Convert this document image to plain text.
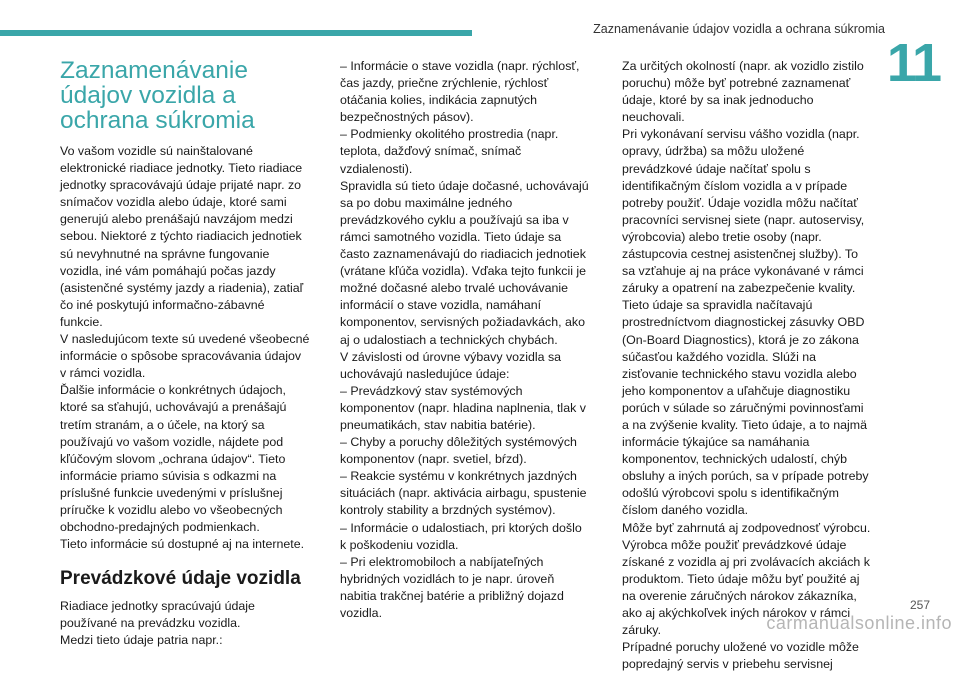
Zaznamenávanie údajov vozidla a ochrana súkromia
11
Zaznamenávanie údajov vozidla a ochrana súkromia

Vo vašom vozidle sú nainštalované elektronické riadiace jednotky. Tieto riadiace jednotky spracovávajú údaje prijaté napr. zo snímačov vozidla alebo údaje, ktoré sami generujú alebo prenášajú navzájom medzi sebou. Niektoré z týchto riadiacich jednotiek sú nevyhnutné na správne fungovanie vozidla, iné vám pomáhajú počas jazdy (asistenčné systémy jazdy a riadenia), zatiaľ čo iné poskytujú informačno-zábavné funkcie.

V nasledujúcom texte sú uvedené všeobecné informácie o spôsobe spracovávania údajov v rámci vozidla.

Ďalšie informácie o konkrétnych údajoch, ktoré sa sťahujú, uchovávajú a prenášajú tretím stranám, a o účele, na ktorý sa používajú vo vašom vozidle, nájdete pod kľúčovým slovom „ochrana údajov“. Tieto informácie priamo súvisia s odkazmi na príslušné funkcie uvedenými v príslušnej príručke k vozidlu alebo vo všeobecných obchodno-predajných podmienkach.

Tieto informácie sú dostupné aj na internete.

Prevádzkové údaje vozidla

Riadiace jednotky spracúvajú údaje používané na prevádzku vozidla.

Medzi tieto údaje patria napr.:

– Informácie o stave vozidla (napr. rýchlosť, čas jazdy, priečne zrýchlenie, rýchlosť otáčania kolies, indikácia zapnutých bezpečnostných pásov).

– Podmienky okolitého prostredia (napr. teplota, dažďový snímač, snímač vzdialenosti).

Spravidla sú tieto údaje dočasné, uchovávajú sa po dobu maximálne jedného prevádzkového cyklu a používajú sa iba v rámci samotného vozidla. Tieto údaje sa často zaznamenávajú do riadiacich jednotiek (vrátane kľúča vozidla). Vďaka tejto funkcii je možné dočasné alebo trvalé uchovávanie informácií o stave vozidla, namáhaní komponentov, servisných požiadavkách, ako aj o udalostiach a technických chybách.

V závislosti od úrovne výbavy vozidla sa uchovávajú nasledujúce údaje:

– Prevádzkový stav systémových komponentov (napr. hladina naplnenia, tlak v pneumatikách, stav nabitia batérie).

– Chyby a poruchy dôležitých systémových komponentov (napr. svetiel, bŕzd).

– Reakcie systému v konkrétnych jazdných situáciách (napr. aktivácia airbagu, spustenie kontroly stability a brzdných systémov).

– Informácie o udalostiach, pri ktorých došlo k poškodeniu vozidla.

– Pri elektromobiloch a nabíjateľných hybridných vozidlách to je napr. úroveň nabitia trakčnej batérie a približný dojazd vozidla.

Za určitých okolností (napr. ak vozidlo zistilo poruchu) môže byť potrebné zaznamenať údaje, ktoré by sa inak jednoducho neuchovali.

Pri vykonávaní servisu vášho vozidla (napr. opravy, údržba) sa môžu uložené prevádzkové údaje načítať spolu s identifikačným číslom vozidla a v prípade potreby použiť. Údaje vozidla môžu načítať pracovníci servisnej siete (napr. autoservisy, výrobcovia) alebo tretie osoby (napr. zástupcovia cestnej asistenčnej služby). To sa vzťahuje aj na práce vykonávané v rámci záruky a opatrení na zabezpečenie kvality.

Tieto údaje sa spravidla načítavajú prostredníctvom diagnostickej zásuvky OBD (On-Board Diagnostics), ktorá je zo zákona súčasťou každého vozidla. Slúži na zisťovanie technického stavu vozidla alebo jeho komponentov a uľahčuje diagnostiku porúch v súlade so záručnými povinnosťami a na zvýšenie kvality. Tieto údaje, a to najmä informácie týkajúce sa namáhania komponentov, technických udalostí, chýb obsluhy a iných porúch, sa v prípade potreby odošlú výrobcovi spolu s identifikačným číslom daného vozidla.

Môže byť zahrnutá aj zodpovednosť výrobcu.

Výrobca môže použiť prevádzkové údaje získané z vozidla aj pri zvolávacích akciách k produktom. Tieto údaje môžu byť použité aj na overenie záručných nárokov zákazníka, ako aj akýchkoľvek iných nárokov v rámci záruky.

Prípadné poruchy uložené vo vozidle môže popredajný servis v priebehu servisnej

257
carmanualsonline.info
